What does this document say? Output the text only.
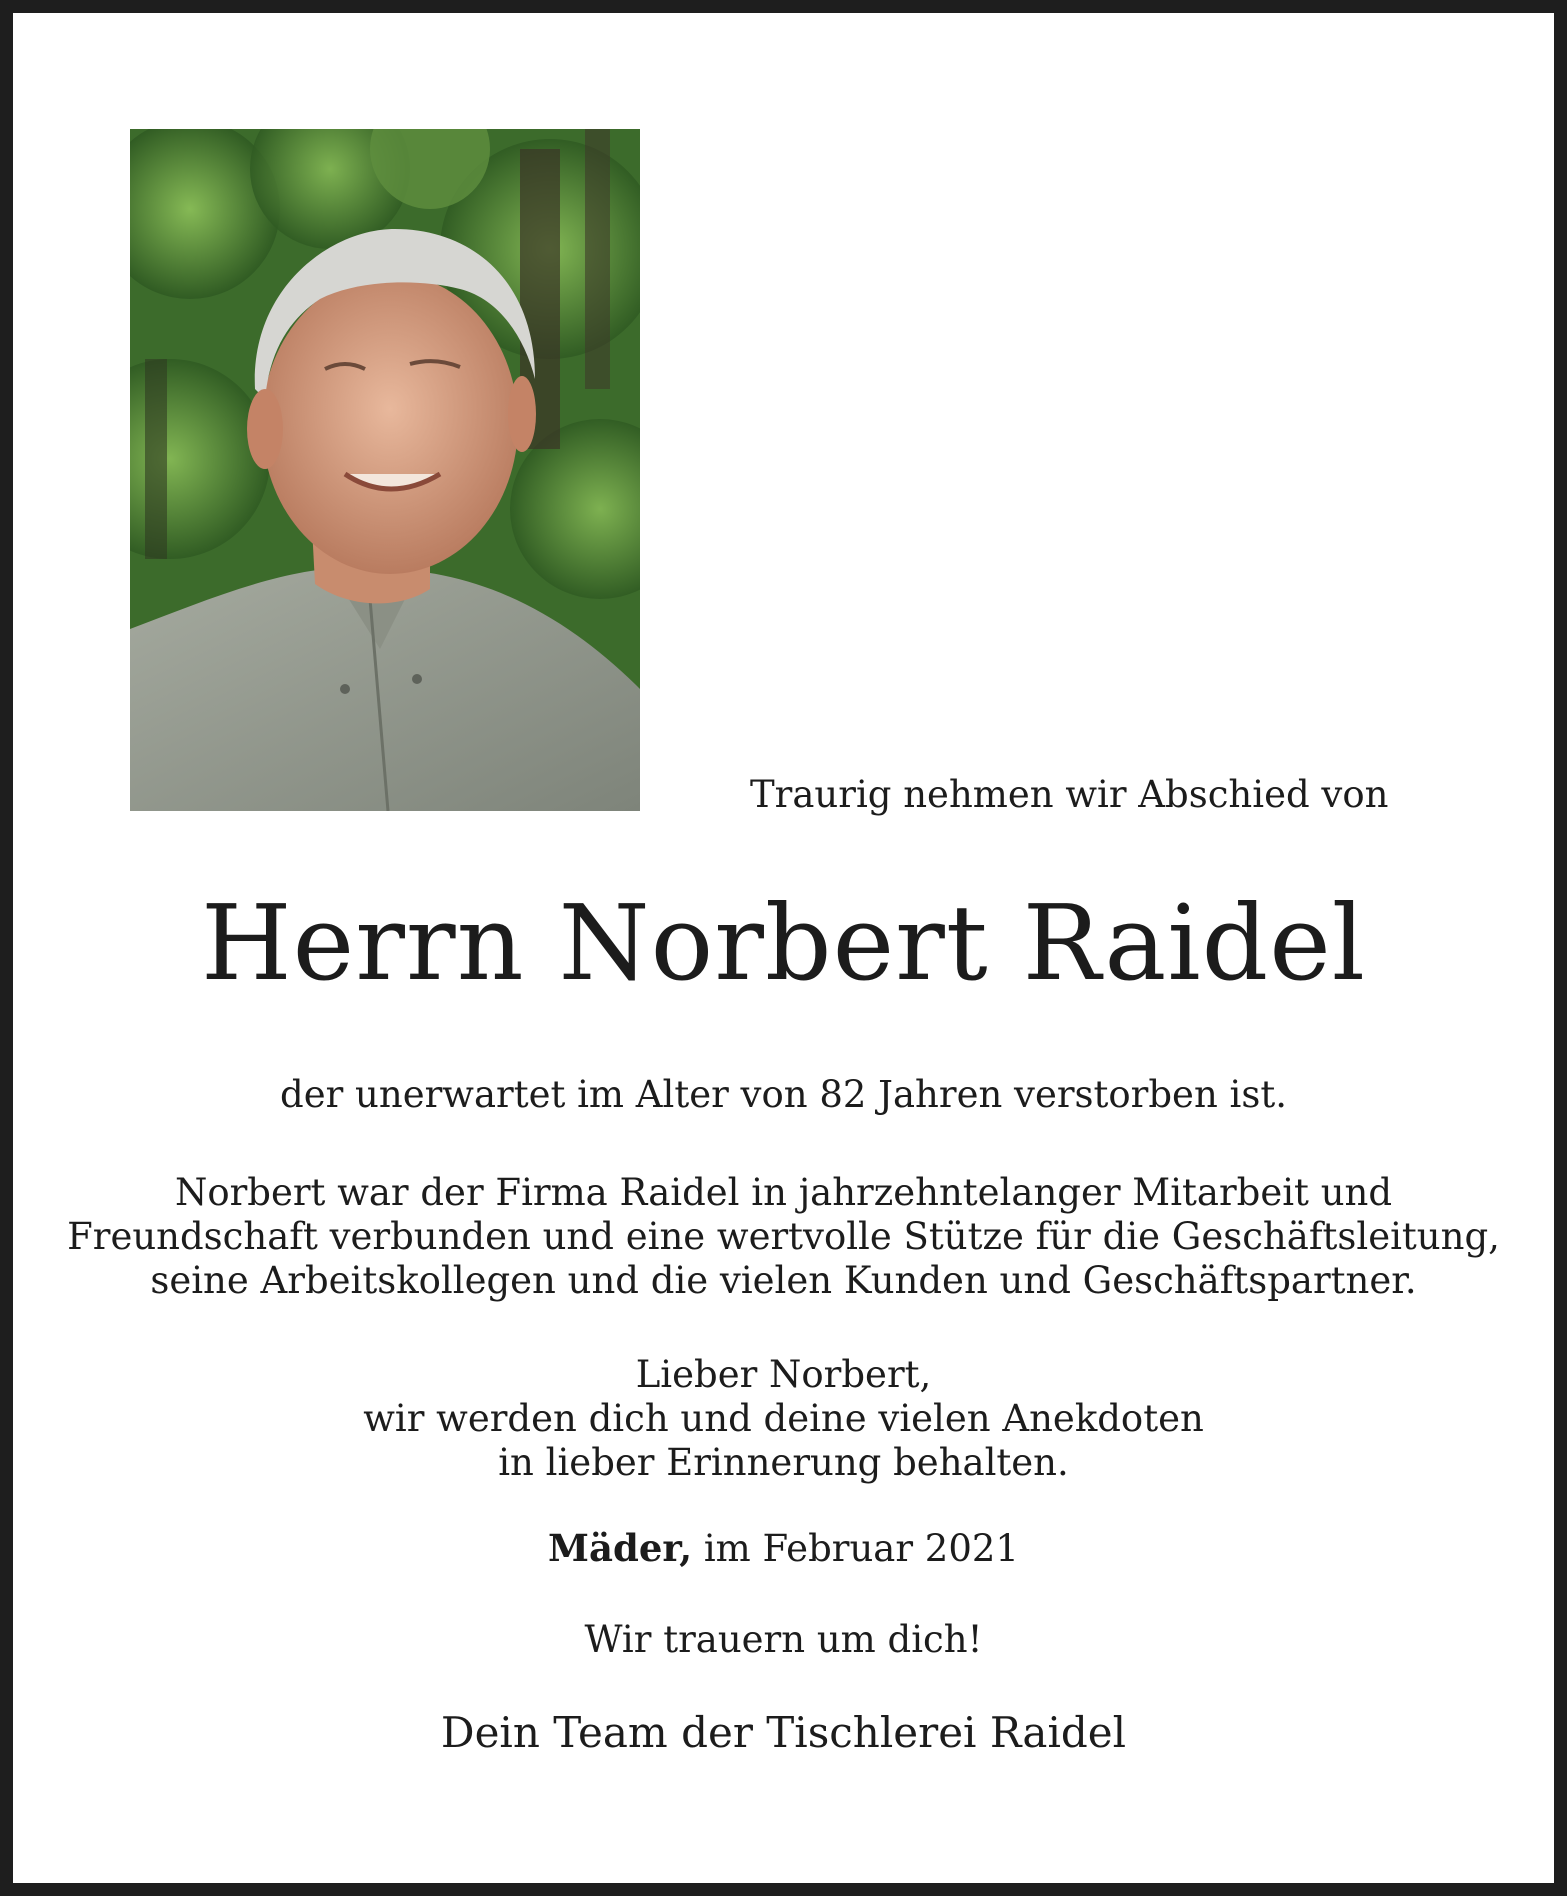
Traurig nehmen wir Abschied von
Herrn Norbert Raidel
der unerwartet im Alter von 82 Jahren verstorben ist.

Norbert war der Firma Raidel in jahrzehntelanger Mitarbeit und

Freundschaft verbunden und eine wertvolle Stütze für die Geschäftsleitung,

seine Arbeitskollegen und die vielen Kunden und Geschäftspartner.

Lieber Norbert,

wir werden dich und deine vielen Anekdoten

in lieber Erinnerung behalten.

Mäder, im Februar 2021
Wir trauern um dich!
Dein Team der Tischlerei Raidel
